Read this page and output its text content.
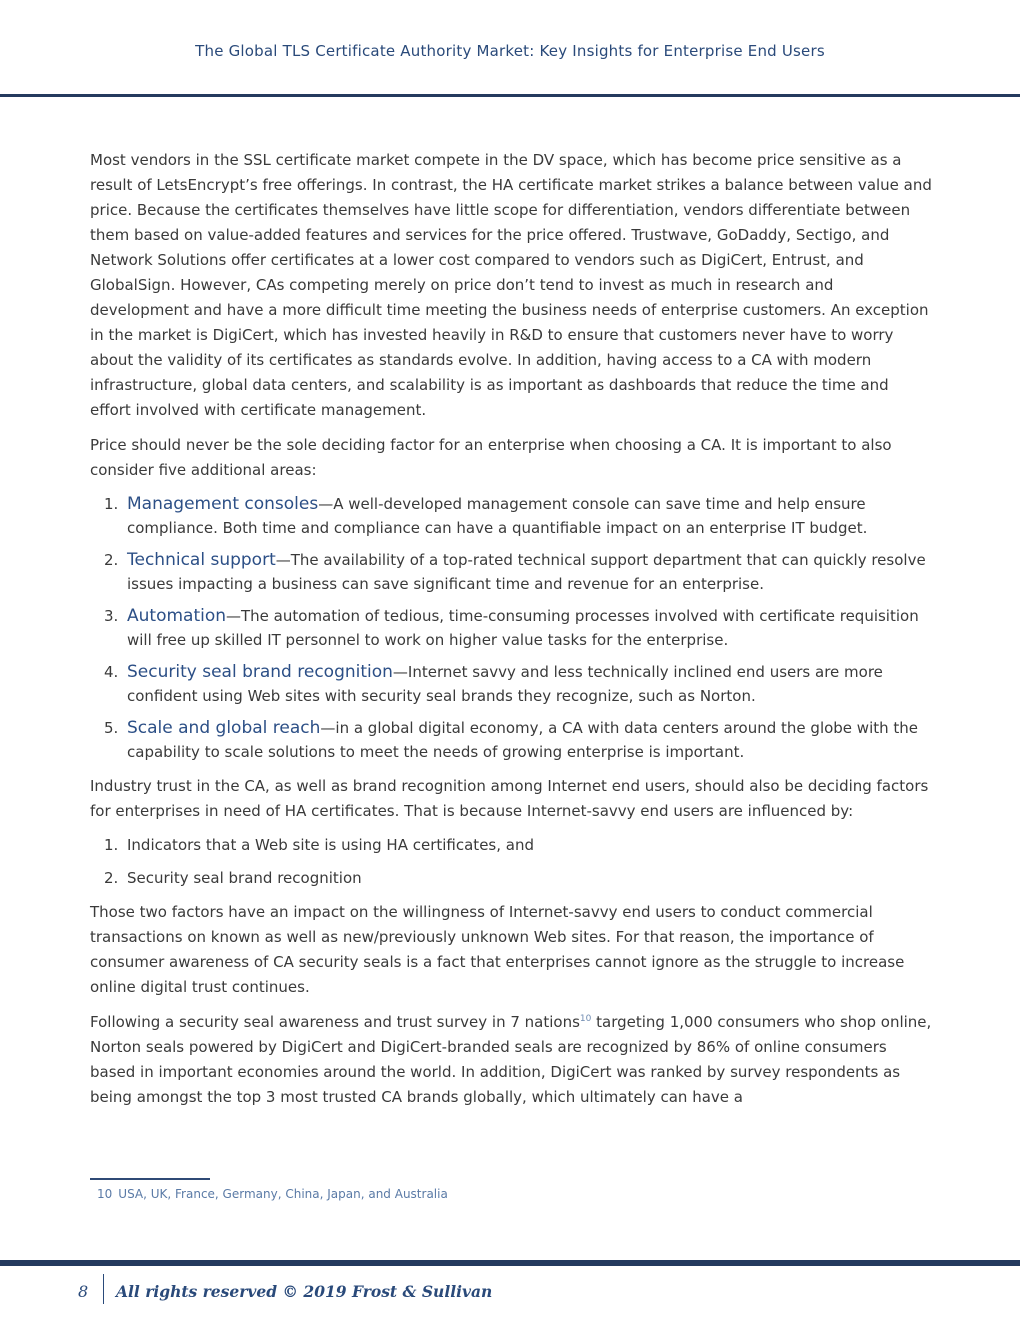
The Global TLS Certificate Authority Market: Key Insights for Enterprise End Users

Most vendors in the SSL certificate market compete in the DV space, which has become price sensitive as a result of LetsEncrypt’s free offerings. In contrast, the HA certificate market strikes a balance between value and price. Because the certificates themselves have little scope for differentiation, vendors differentiate between them based on value-added features and services for the price offered. Trustwave, GoDaddy, Sectigo, and Network Solutions offer certificates at a lower cost compared to vendors such as DigiCert, Entrust, and GlobalSign. However, CAs competing merely on price don’t tend to invest as much in research and development and have a more difficult time meeting the business needs of enterprise customers. An exception in the market is DigiCert, which has invested heavily in R&D to ensure that customers never have to worry about the validity of its certificates as standards evolve. In addition, having access to a CA with modern infrastructure, global data centers, and scalability is as important as dashboards that reduce the time and effort involved with certificate management.

Price should never be the sole deciding factor for an enterprise when choosing a CA. It is important to also consider five additional areas:

1. Management consoles—A well-developed management console can save time and help ensure compliance. Both time and compliance can have a quantifiable impact on an enterprise IT budget.
2. Technical support—The availability of a top-rated technical support department that can quickly resolve issues impacting a business can save significant time and revenue for an enterprise.
3. Automation—The automation of tedious, time-consuming processes involved with certificate requisition will free up skilled IT personnel to work on higher value tasks for the enterprise.
4. Security seal brand recognition—Internet savvy and less technically inclined end users are more confident using Web sites with security seal brands they recognize, such as Norton.
5. Scale and global reach—in a global digital economy, a CA with data centers around the globe with the capability to scale solutions to meet the needs of growing enterprise is important.

Industry trust in the CA, as well as brand recognition among Internet end users, should also be deciding factors for enterprises in need of HA certificates. That is because Internet-savvy end users are influenced by:

1. Indicators that a Web site is using HA certificates, and
2. Security seal brand recognition

Those two factors have an impact on the willingness of Internet-savvy end users to conduct commercial transactions on known as well as new/previously unknown Web sites. For that reason, the importance of consumer awareness of CA security seals is a fact that enterprises cannot ignore as the struggle to increase online digital trust continues.

Following a security seal awareness and trust survey in 7 nations$^{10}$ targeting 1,000 consumers who shop online, Norton seals powered by DigiCert and DigiCert-branded seals are recognized by 86% of online consumers based in important economies around the world. In addition, DigiCert was ranked by survey respondents as being amongst the top 3 most trusted CA brands globally, which ultimately can have a

10 USA, UK, France, Germany, China, Japan, and Australia
8 All rights reserved © 2019 Frost & Sullivan
